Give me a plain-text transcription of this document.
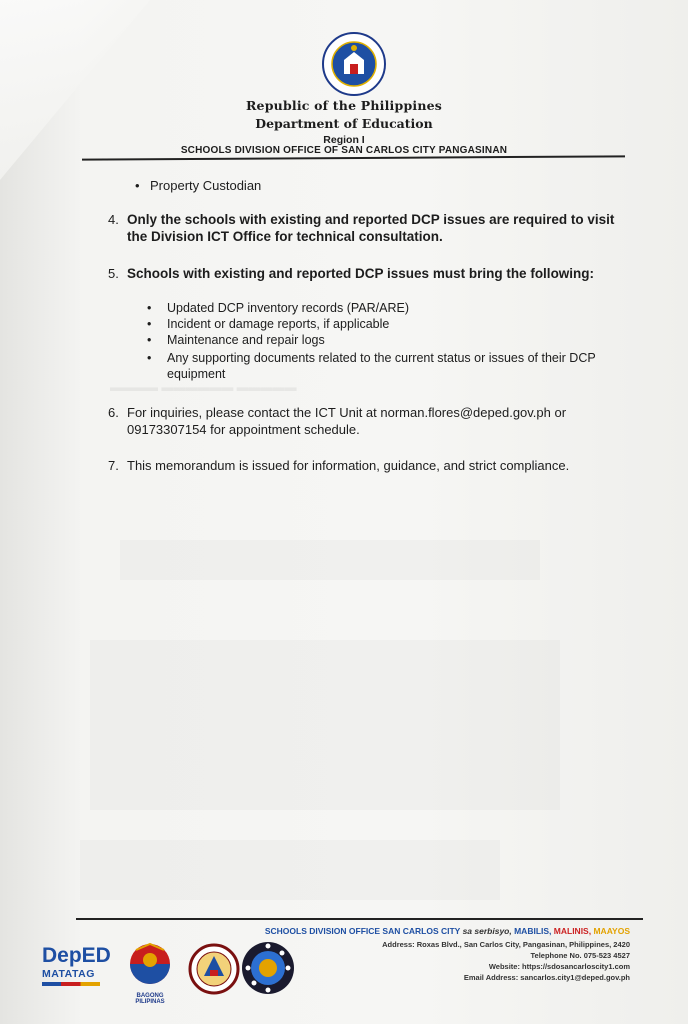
▬▬▬▬ ▬▬▬▬▬▬ ▬▬▬▬▬
Republic of the Philippines
Department of Education
Region I
SCHOOLS DIVISION OFFICE OF SAN CARLOS CITY PANGASINAN
• Property Custodian
4. Only the schools with existing and reported DCP issues are required to visit the Division ICT Office for technical consultation.
5. Schools with existing and reported DCP issues must bring the following:
• Updated DCP inventory records (PAR/ARE)
• Incident or damage reports, if applicable
• Maintenance and repair logs
• Any supporting documents related to the current status or issues of their DCP equipment
6. For inquiries, please contact the ICT Unit at norman.flores@deped.gov.ph or 09173307154 for appointment schedule.
7. This memorandum is issued for information, guidance, and strict compliance.
SCHOOLS DIVISION OFFICE SAN CARLOS CITY sa serbisyo, MABILIS, MALINIS, MAAYOS
Address: Roxas Blvd., San Carlos City, Pangasinan, Philippines, 2420
Telephone No. 075-523 4527
Website: https://sdosancarloscity1.com
Email Address: sancarlos.city1@deped.gov.ph
DepED
MATATAG
BAGONG PILIPINAS
